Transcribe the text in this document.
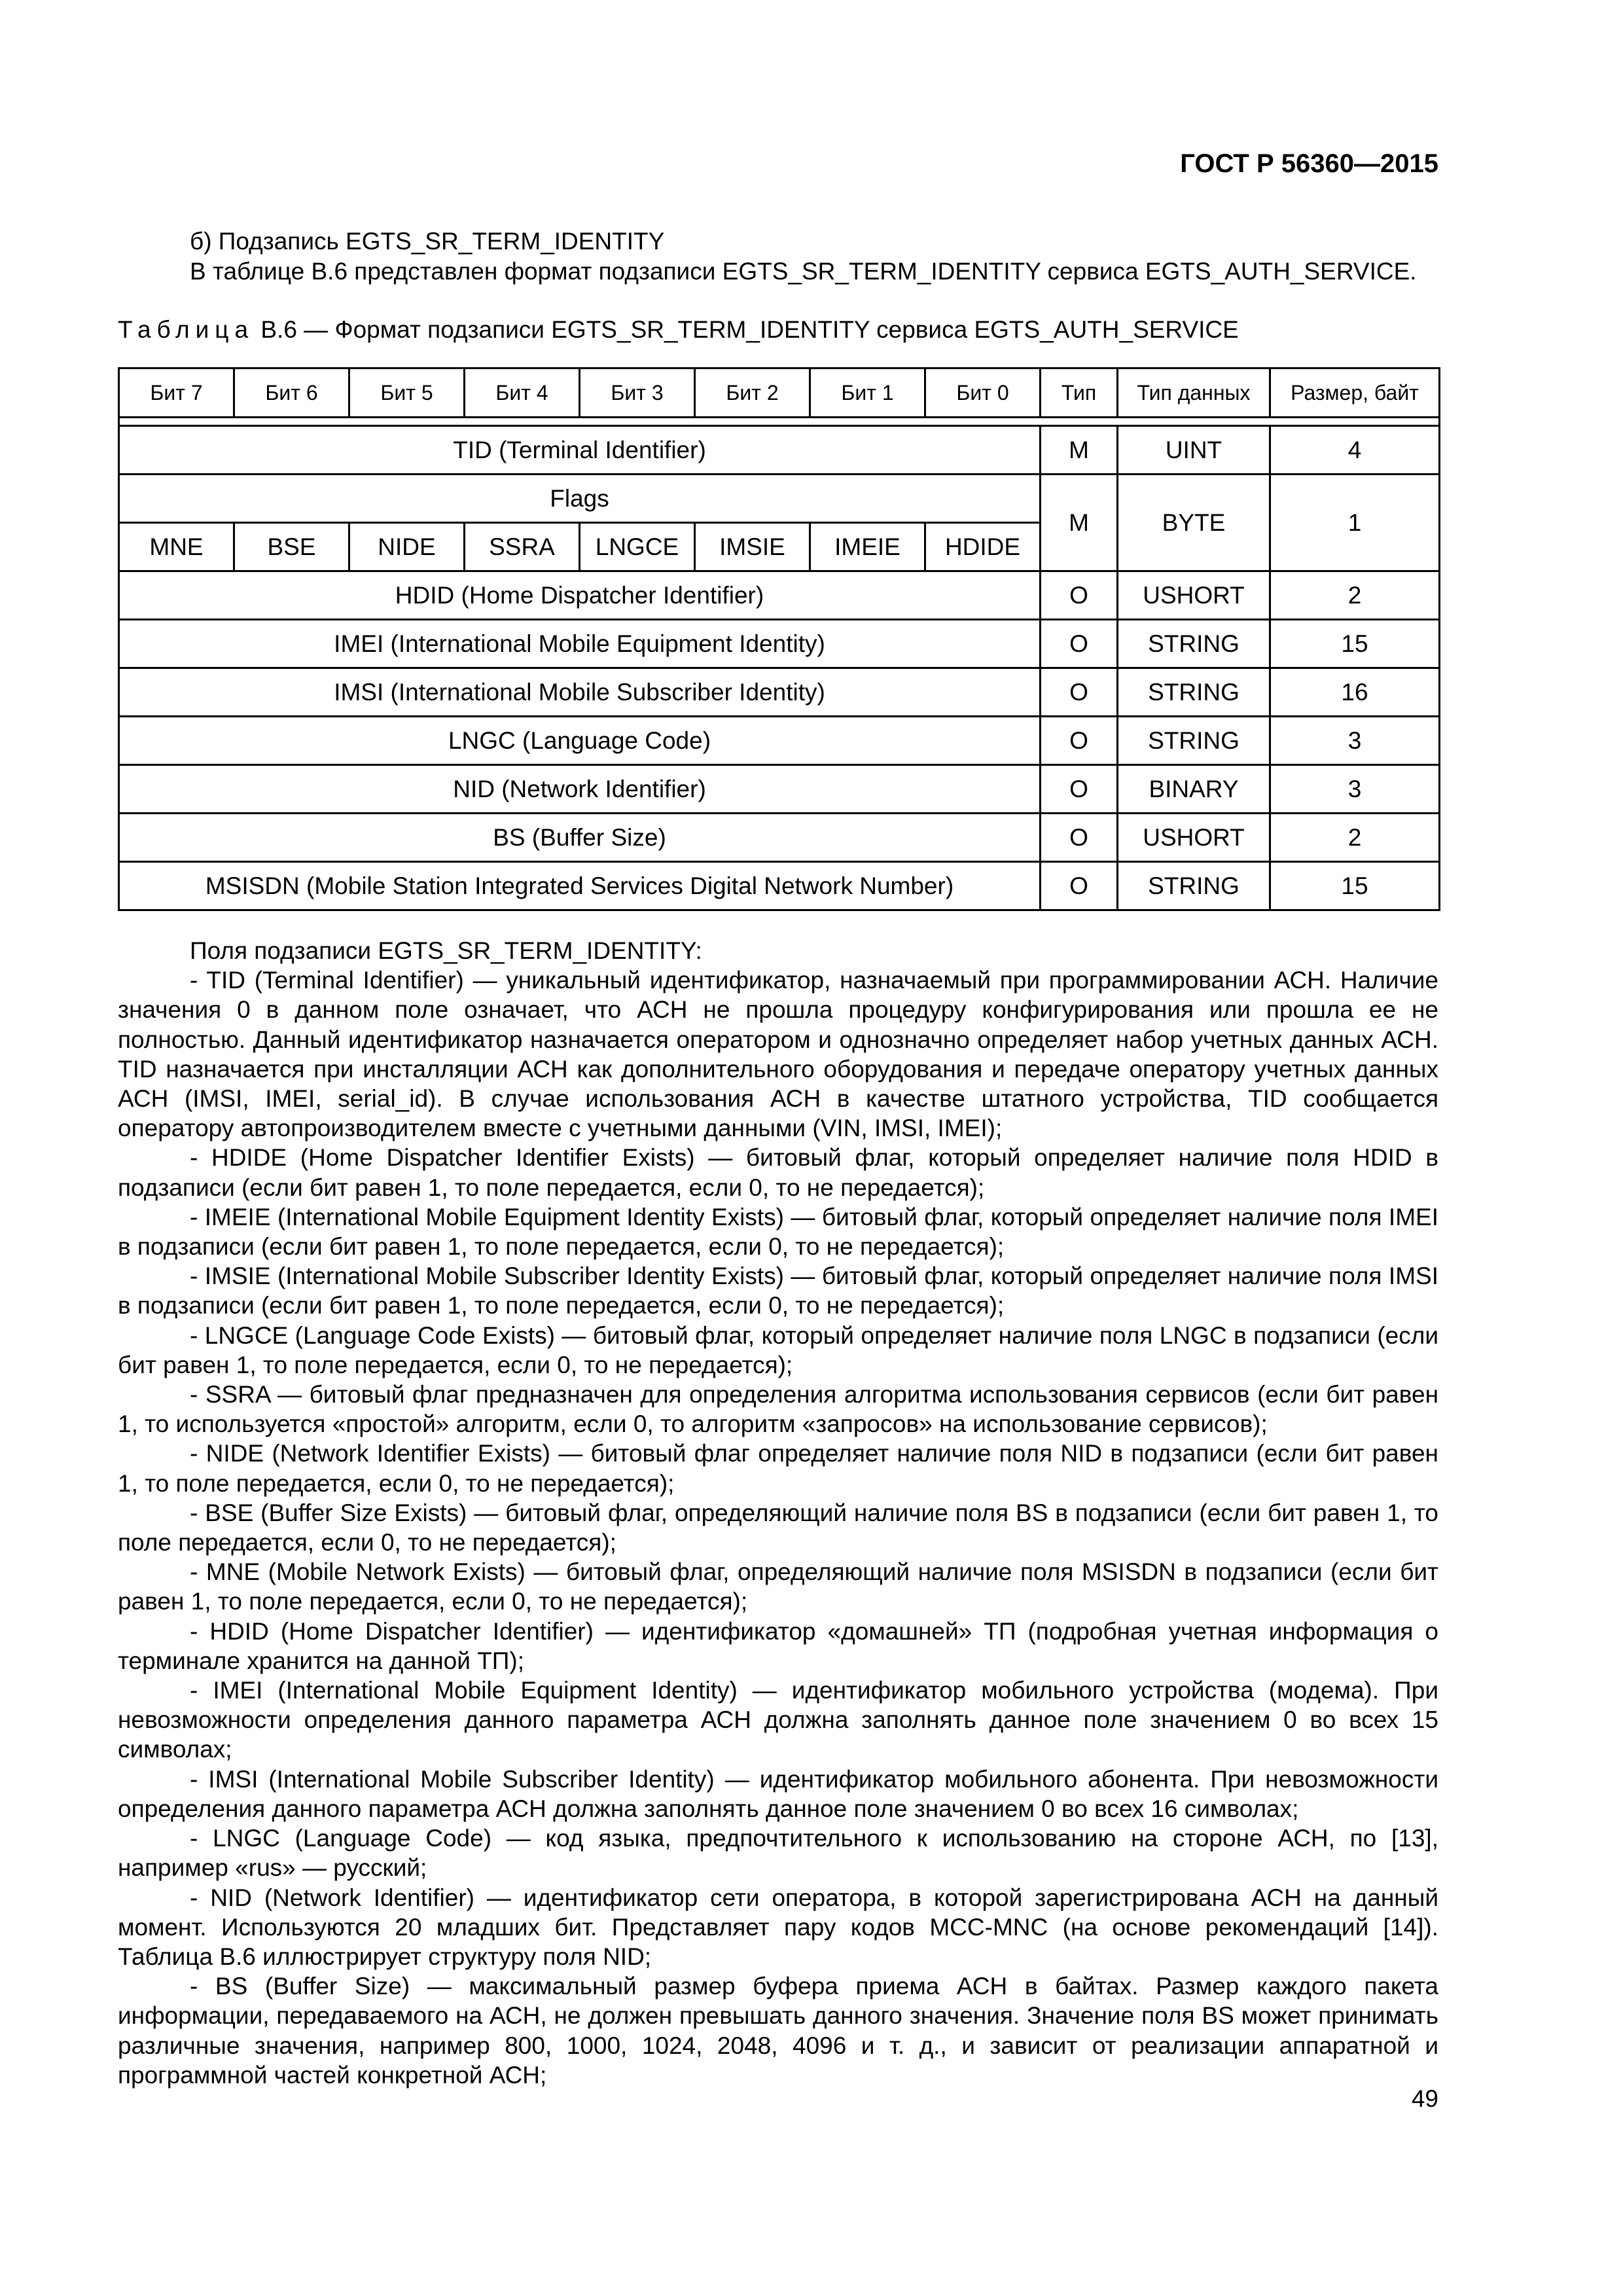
ГОСТ Р 56360—2015
б) Подзапись EGTS_SR_TERM_IDENTITY
В таблице В.6 представлен формат подзаписи EGTS_SR_TERM_IDENTITY сервиса EGTS_AUTH_SERVICE.
Таблица В.6 — Формат подзаписи EGTS_SR_TERM_IDENTITY сервиса EGTS_AUTH_SERVICE
Бит 7	Бит 6	Бит 5	Бит 4	Бит 3	Бит 2	Бит 1	Бит 0	Тип	Тип данных	Размер, байт

TID (Terminal Identifier)								M	UINT	4
Flags								M	BYTE	1
MNE	BSE	NIDE	SSRA	LNGCE	IMSIE	IMEIE	HDIDE			
HDID (Home Dispatcher Identifier)								O	USHORT	2
IMEI (International Mobile Equipment Identity)								O	STRING	15
IMSI (International Mobile Subscriber Identity)								O	STRING	16
LNGC (Language Code)								O	STRING	3
NID (Network Identifier)								O	BINARY	3
BS (Buffer Size)								O	USHORT	2
MSISDN (Mobile Station Integrated Services Digital Network Number)								O	STRING	15

Поля подзаписи EGTS_SR_TERM_IDENTITY:

- TID (Terminal Identifier) — уникальный идентификатор, назначаемый при программировании АСН. Наличие значения 0 в данном поле означает, что АСН не прошла процедуру конфигурирования или прошла ее не полностью. Данный идентификатор назначается оператором и однозначно определяет набор учетных данных АСН. TID назначается при инсталляции АСН как дополнительного оборудования и передаче оператору учетных данных АСН (IMSI, IMEI, serial_id). В случае использования АСН в качестве штатного устройства, TID сообщается оператору автопроизводителем вместе с учетными данными (VIN, IMSI, IMEI);

- HDIDE (Home Dispatcher Identifier Exists) — битовый флаг, который определяет наличие поля HDID в подзаписи (если бит равен 1, то поле передается, если 0, то не передается);

- IMEIE (International Mobile Equipment Identity Exists) — битовый флаг, который определяет наличие поля IMEI в подзаписи (если бит равен 1, то поле передается, если 0, то не передается);

- IMSIE (International Mobile Subscriber Identity Exists) — битовый флаг, который определяет наличие поля IMSI в подзаписи (если бит равен 1, то поле передается, если 0, то не передается);

- LNGCE (Language Code Exists) — битовый флаг, который определяет наличие поля LNGC в подзаписи (если бит равен 1, то поле передается, если 0, то не передается);

- SSRA — битовый флаг предназначен для определения алгоритма использования сервисов (если бит равен 1, то используется «простой» алгоритм, если 0, то алгоритм «запросов» на использование сервисов);

- NIDE (Network Identifier Exists) — битовый флаг определяет наличие поля NID в подзаписи (если бит равен 1, то поле передается, если 0, то не передается);

- BSE (Buffer Size Exists) — битовый флаг, определяющий наличие поля BS в подзаписи (если бит равен 1, то поле передается, если 0, то не передается);

- MNE (Mobile Network Exists) — битовый флаг, определяющий наличие поля MSISDN в подзаписи (если бит равен 1, то поле передается, если 0, то не передается);

- HDID (Home Dispatcher Identifier) — идентификатор «домашней» ТП (подробная учетная информация о терминале хранится на данной ТП);

- IMEI (International Mobile Equipment Identity) — идентификатор мобильного устройства (модема). При невозможности определения данного параметра АСН должна заполнять данное поле значением 0 во всех 15 символах;

- IMSI (International Mobile Subscriber Identity) — идентификатор мобильного абонента. При невозможности определения данного параметра АСН должна заполнять данное поле значением 0 во всех 16 символах;

- LNGC (Language Code) — код языка, предпочтительного к использованию на стороне АСН, по [13], например «rus» — русский;

- NID (Network Identifier) — идентификатор сети оператора, в которой зарегистрирована АСН на данный момент. Используются 20 младших бит. Представляет пару кодов MCC-MNC (на основе рекомендаций [14]). Таблица В.6 иллюстрирует структуру поля NID;

- BS (Buffer Size) — максимальный размер буфера приема АСН в байтах. Размер каждого пакета информации, передаваемого на АСН, не должен превышать данного значения. Значение поля BS может принимать различные значения, например 800, 1000, 1024, 2048, 4096 и т. д., и зависит от реализации аппаратной и программной частей конкретной АСН;

49
